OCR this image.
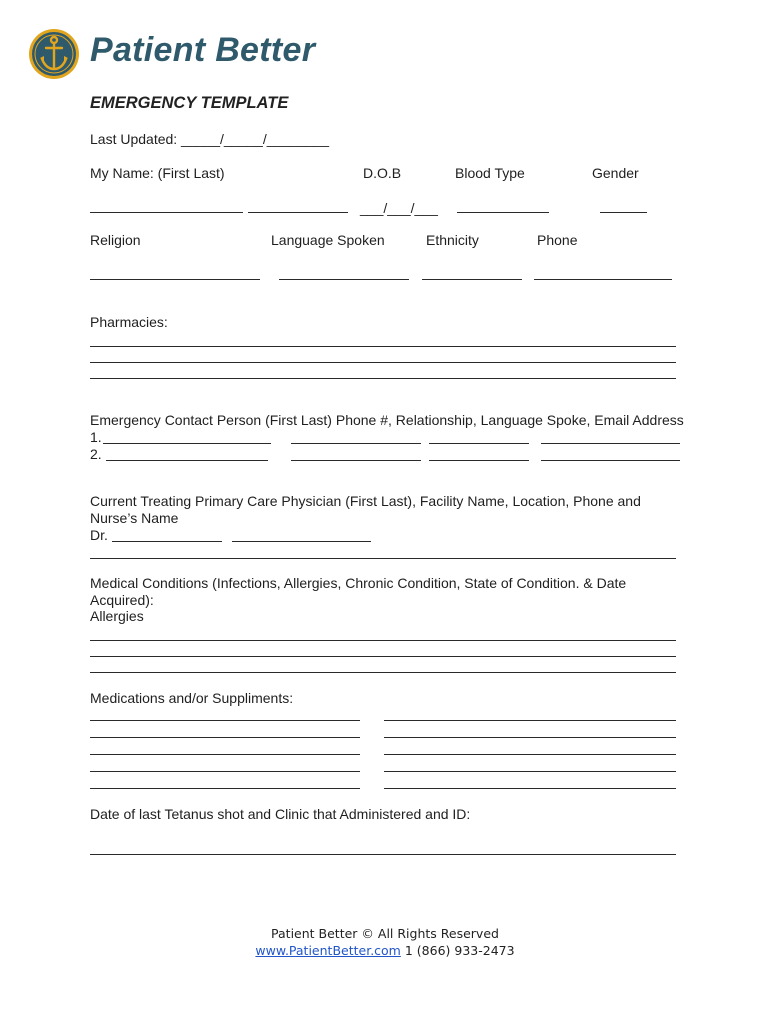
Patient Better
EMERGENCY TEMPLATE
Last Updated: _____/_____/________
My Name: (First Last)	D.O.B	Blood Type	Gender
___/___/___
Religion	Language Spoken	Ethnicity	Phone
Pharmacies:
Emergency Contact Person (First Last) Phone #, Relationship, Language Spoke, Email Address
1.
2.
Current Treating Primary Care Physician (First Last), Facility Name, Location, Phone and
Nurse’s Name
Dr.
Medical Conditions (Infections, Allergies, Chronic Condition, State of Condition. & Date
Acquired):
Allergies
Medications and/or Suppliments:
Date of last Tetanus shot and Clinic that Administered and ID:
Patient Better © All Rights Reserved
www.PatientBetter.com 1 (866) 933-2473
